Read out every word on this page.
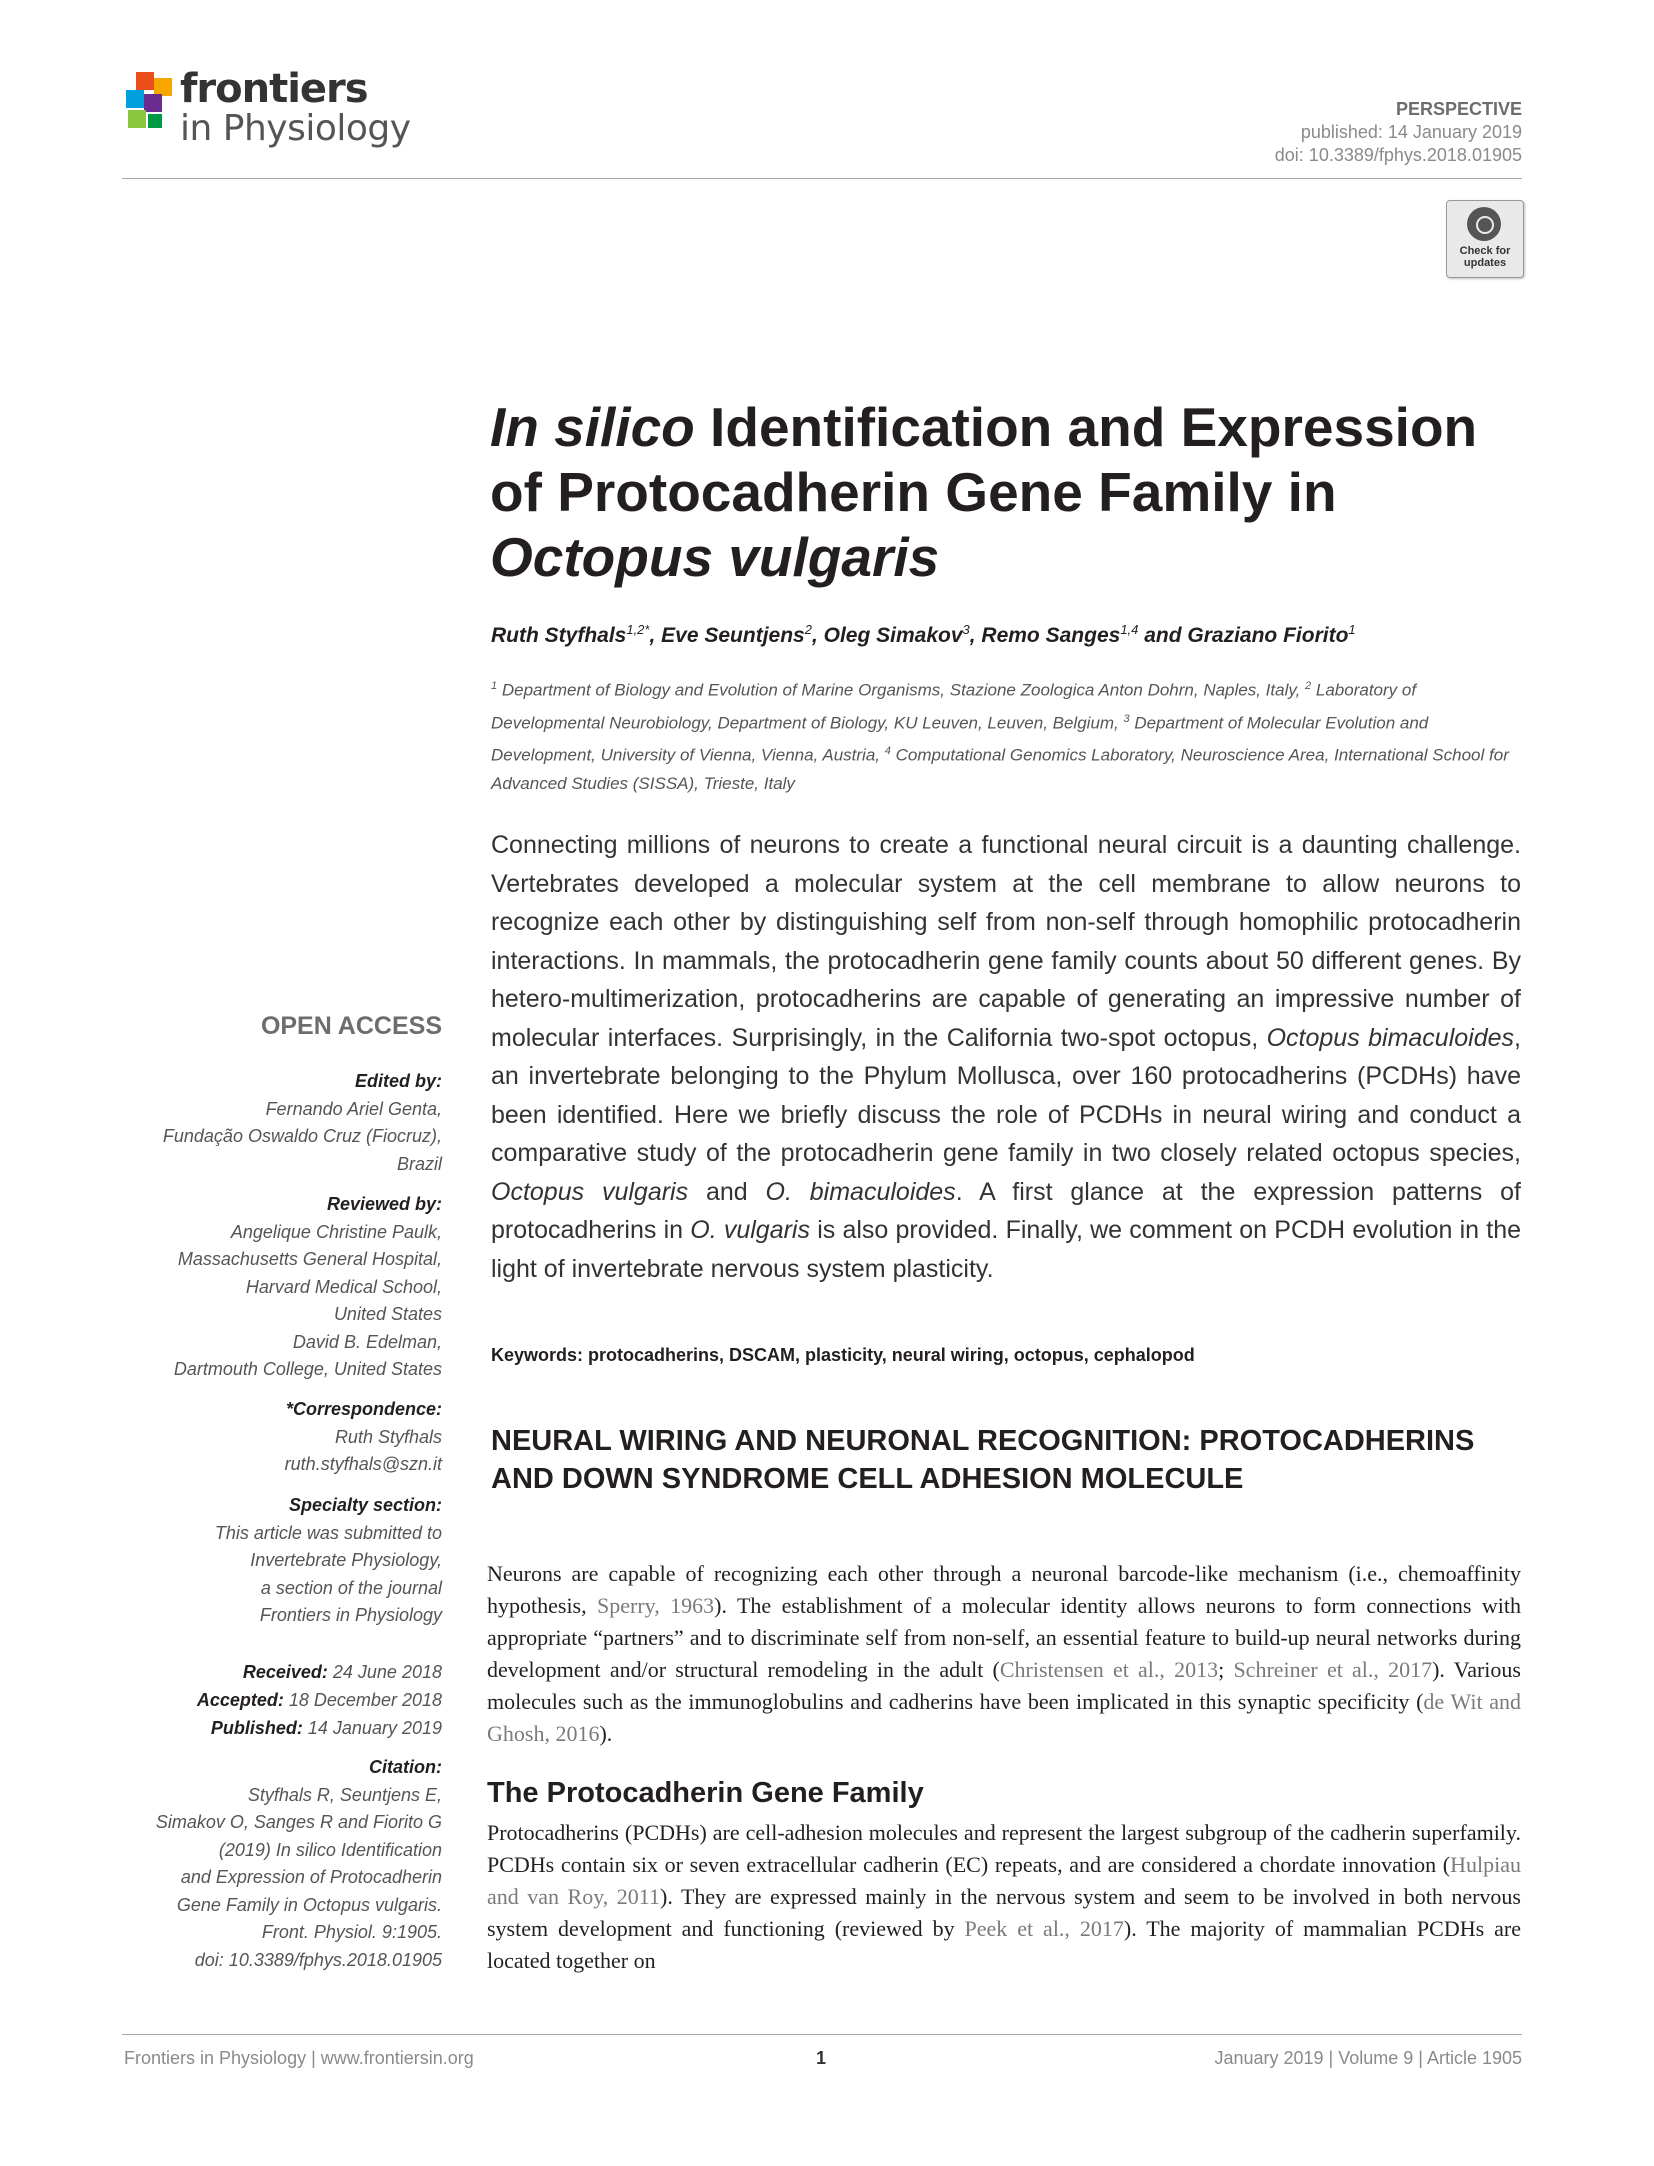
frontiers
in Physiology	PERSPECTIVE
published: 14 January 2019
doi: 10.3389/fphys.2018.01905
Check for
updates
In silico Identification and Expression of Protocadherin Gene Family in Octopus vulgaris
Ruth Styfhals$^{1,2*}$, Eve Seuntjens$^2$, Oleg Simakov$^3$, Remo Sanges$^{1,4}$ and Graziano Fiorito$^1$
$^1$ Department of Biology and Evolution of Marine Organisms, Stazione Zoologica Anton Dohrn, Naples, Italy, $^2$ Laboratory of Developmental Neurobiology, Department of Biology, KU Leuven, Leuven, Belgium, $^3$ Department of Molecular Evolution and Development, University of Vienna, Vienna, Austria, $^4$ Computational Genomics Laboratory, Neuroscience Area, International School for Advanced Studies (SISSA), Trieste, Italy
Connecting millions of neurons to create a functional neural circuit is a daunting challenge. Vertebrates developed a molecular system at the cell membrane to allow neurons to recognize each other by distinguishing self from non-self through homophilic protocadherin interactions. In mammals, the protocadherin gene family counts about 50 different genes. By hetero-multimerization, protocadherins are capable of generating an impressive number of molecular interfaces. Surprisingly, in the California two-spot octopus, Octopus bimaculoides, an invertebrate belonging to the Phylum Mollusca, over 160 protocadherins (PCDHs) have been identified. Here we briefly discuss the role of PCDHs in neural wiring and conduct a comparative study of the protocadherin gene family in two closely related octopus species, Octopus vulgaris and O. bimaculoides. A first glance at the expression patterns of protocadherins in O. vulgaris is also provided. Finally, we comment on PCDH evolution in the light of invertebrate nervous system plasticity.
Keywords: protocadherins, DSCAM, plasticity, neural wiring, octopus, cephalopod
NEURAL WIRING AND NEURONAL RECOGNITION: PROTOCADHERINS AND DOWN SYNDROME CELL ADHESION MOLECULE
Neurons are capable of recognizing each other through a neuronal barcode-like mechanism (i.e., chemoaffinity hypothesis, Sperry, 1963). The establishment of a molecular identity allows neurons to form connections with appropriate “partners” and to discriminate self from non-self, an essential feature to build-up neural networks during development and/or structural remodeling in the adult (Christensen et al., 2013; Schreiner et al., 2017). Various molecules such as the immunoglobulins and cadherins have been implicated in this synaptic specificity (de Wit and Ghosh, 2016).
The Protocadherin Gene Family
Protocadherins (PCDHs) are cell-adhesion molecules and represent the largest subgroup of the cadherin superfamily. PCDHs contain six or seven extracellular cadherin (EC) repeats, and are considered a chordate innovation (Hulpiau and van Roy, 2011). They are expressed mainly in the nervous system and seem to be involved in both nervous system development and functioning (reviewed by Peek et al., 2017). The majority of mammalian PCDHs are located together on
OPEN ACCESS
Edited by:
Fernando Ariel Genta,
Fundação Oswaldo Cruz (Fiocruz),
Brazil
Reviewed by:
Angelique Christine Paulk,
Massachusetts General Hospital,
Harvard Medical School,
United States
David B. Edelman,
Dartmouth College, United States
*Correspondence:
Ruth Styfhals
ruth.styfhals@szn.it
Specialty section:
This article was submitted to
Invertebrate Physiology,
a section of the journal
Frontiers in Physiology
Received: 24 June 2018
Accepted: 18 December 2018
Published: 14 January 2019
Citation:
Styfhals R, Seuntjens E,
Simakov O, Sanges R and Fiorito G
(2019) In silico Identification
and Expression of Protocadherin
Gene Family in Octopus vulgaris.
Front. Physiol. 9:1905.
doi: 10.3389/fphys.2018.01905
Frontiers in Physiology | www.frontiersin.org	1	January 2019 | Volume 9 | Article 1905
